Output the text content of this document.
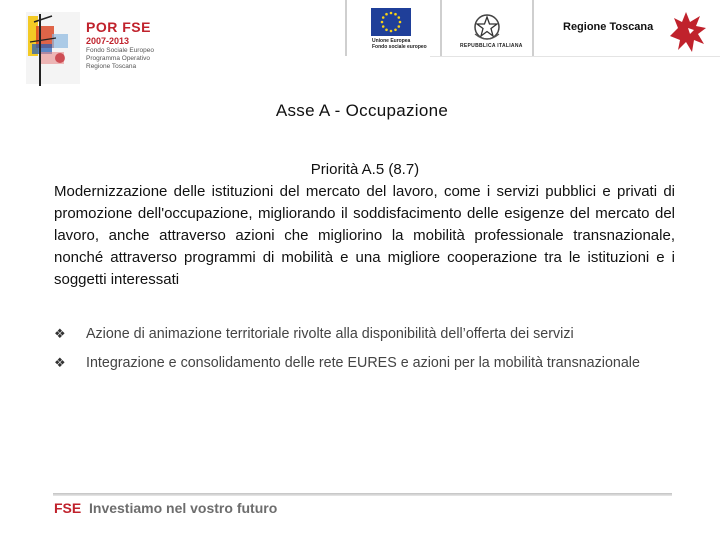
POR FSE
2007-2013
Fondo Sociale Europeo
Programma Operativo
Regione Toscana
Unione Europea
Fondo sociale europeo	REPUBBLICA ITALIANA
Regione Toscana
Asse A - Occupazione
Priorità A.5 (8.7)
Modernizzazione delle istituzioni del mercato del lavoro, come i servizi pubblici e privati di promozione dell'occupazione, migliorando il soddisfacimento delle esigenze del mercato del lavoro, anche attraverso azioni che migliorino la mobilità professionale transnazionale, nonché attraverso programmi di mobilità e una migliore cooperazione tra le istituzioni e i soggetti interessati
❖ Azione di animazione territoriale rivolte alla disponibilità dell’offerta dei servizi
❖ Integrazione e consolidamento delle rete EURES e azioni per la mobilità transnazionale
FSE Investiamo nel vostro futuro
